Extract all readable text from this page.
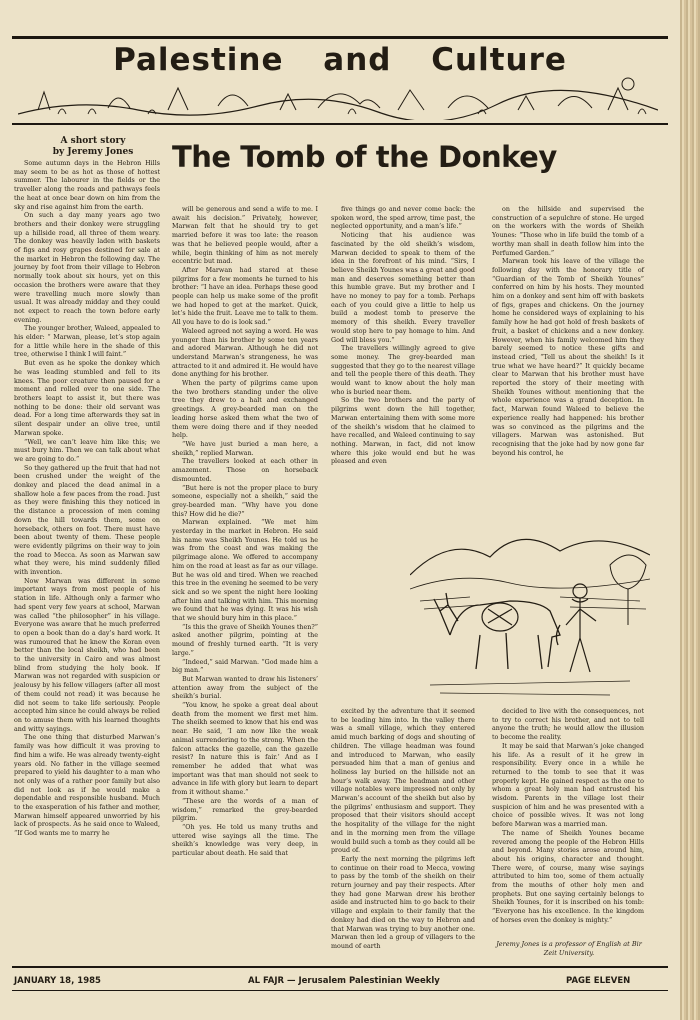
Palestine and Culture
A short story
by Jeremy Jones	The Tomb of the Donkey

Some autumn days in the Hebron Hills may seem to be as hot as those of hottest summer. The labourer in the fields or the traveller along the roads and pathways feels the heat at once bear down on him from the sky and rise against him from the earth.

On such a day many years ago two brothers and their donkey were struggling up a hillside road, all three of them weary. The donkey was heavily laden with baskets of figs and rosy grapes destined for sale at the market in Hebron the following day. The journey by foot from their village to Hebron normally took about six hours, yet on this occasion the brothers were aware that they were travelling much more slowly than usual. It was already midday and they could not expect to reach the town before early evening.

The younger brother, Waleed, appealed to his elder: “ Marwan, please, let’s stop again for a little while here in the shade of this tree, otherwise I think I will faint.”

But even as he spoke the donkey which he was leading stumbled and fell to its knees. The poor creature then paused for a moment and rolled over to one side. The brothers leapt to assist it, but there was nothing to be done: their old servant was dead. For a long time afterwards they sat in silent despair under an olive tree, until Marwan spoke.

“Well, we can’t leave him like this; we must bury him. Then we can talk about what we are going to do.”

So they gathered up the fruit that had not been crushed under the weight of the donkey and placed the dead animal in a shallow hole a few paces from the road. Just as they were finishing this they noticed in the distance a procession of men coming down the hill towards them, some on horseback, others on foot. There must have been about twenty of them. These people were evidently pilgrims on their way to join the road to Mecca. As soon as Marwan saw what they were, his mind suddenly filled with invention.

Now Marwan was different in some important ways from most people of his station in life. Although only a farmer who had spent very few years at school, Marwan was called “the philosopher” in his village. Everyone was aware that he much preferred to open a book than do a day’s hard work. It was rumoured that he knew the Koran even better than the local sheikh, who had been to the university in Cairo and was almost blind from studying the holy book. If Marwan was not regarded with suspicion or jealousy by his fellow villagers (after all most of them could not read) it was because he did not seem to take life seriously. People accepted him since he could always be relied on to amuse them with his learned thoughts and witty sayings.

The one thing that disturbed Marwan’s family was how difficult it was proving to find him a wife. He was already twenty-eight years old. No father in the village seemed prepared to yield his daughter to a man who not only was of a rather poor family but also did not look as if he would make a dependable and responsible husband. Much to the exasperation of his father and mother, Marwan himself appeared unworried by his lack of prospects. As he said once to Waleed, “If God wants me to marry he

will be generous and send a wife to me. I await his decision.” Privately, however, Marwan felt that he should try to get married before it was too late: the reason was that he believed people would, after a while, begin thinking of him as not merely eccentric but mad.

After Marwan had stared at these pilgrims for a few moments he turned to his brother: “I have an idea. Perhaps these good people can help us make some of the profit we had hoped to get at the market. Quick, let’s hide the fruit. Leave me to talk to them. All you have to do is look sad.”

Waleed agreed not saying a word. He was younger than his brother by some ten years and adored Marwan. Although he did not understand Marwan’s strangeness, he was attracted to it and admired it. He would have done anything for his brother.

When the party of pilgrims came upon the two brothers standing under the olive tree they drew to a halt and exchanged greetings. A grey-bearded man on the leading horse asked them what the two of them were doing there and if they needed help.

“We have just buried a man here, a sheikh,” replied Marwan.

The travellers looked at each other in amazement. Those on horseback dismounted.

“But here is not the proper place to bury someone, especially not a sheikh,” said the grey-bearded man. “Why have you done this? How did he die?”

Marwan explained. “We met him yesterday in the market in Hebron. He said his name was Sheikh Younes. He told us he was from the coast and was making the pilgrimage alone. We offered to accompany him on the road at least as far as our village. But he was old and tired. When we reached this tree in the evening he seemed to be very sick and so we spent the night here looking after him and talking with him. This morning we found that he was dying. It was his wish that we should bury him in this place.”

“Is this the grave of Sheikh Younes then?” asked another pilgrim, pointing at the mound of freshly turned earth. “It is very large.”

“Indeed,” said Marwan. “God made him a big man.”

But Marwan wanted to draw his listeners’ attention away from the subject of the sheikh’s burial.

“You know, he spoke a great deal about death from the moment we first met him. The sheikh seemed to know that his end was near. He said, ‘I am now like the weak animal surrendering to the strong. When the falcon attacks the gazelle, can the gazelle resist? In nature this is fair.’ And as I remember he added that what was important was that man should not seek to advance in life with glory but learn to depart from it without shame.”

“These are the words of a man of wisdom,” remarked the grey-bearded pilgrim.

“Oh yes. He told us many truths and uttered wise sayings all the time. The sheikh’s knowledge was very deep, in particular about death. He said that

five things go and never come back: the spoken word, the sped arrow, time past, the neglected opportunity, and a man’s life.”

Noticing that his audience was fascinated by the old sheikh’s wisdom, Marwan decided to speak to them of the idea in the forefront of his mind. “Sirs, I believe Sheikh Younes was a great and good man and deserves something better than this humble grave. But my brother and I have no money to pay for a tomb. Perhaps each of you could give a little to help us build a modest tomb to preserve the memory of this sheikh. Every traveller would stop here to pay homage to him. And God will bless you.”

The travellers willingly agreed to give some money. The grey-bearded man suggested that they go to the nearest village and tell the people there of this death. They would want to know about the holy man who is buried near them.

So the two brothers and the party of pilgrims went down the hill together, Marwan entertaining them with some more of the sheikh’s wisdom that he claimed to have recalled, and Waleed continuing to say nothing. Marwan, in fact, did not know where this joke would end but he was pleased and even

on the hillside and supervised the construction of a sepulchre of stone. He urged on the workers with the words of Sheikh Younes: “Those who in life build the tomb of a worthy man shall in death follow him into the Perfumed Garden.”

Marwan took his leave of the village the following day with the honorary title of “Guardian of the Tomb of Sheikh Younes” conferred on him by his hosts. They mounted him on a donkey and sent him off with baskets of figs, grapes and chickens. On the journey home he considered ways of explaining to his family how he had got hold of fresh baskets of fruit, a basket of chickens and a new donkey. However, when his family welcomed him they barely seemed to notice these gifts and instead cried, “Tell us about the sheikh! Is it true what we have heard?” It quickly became clear to Marwan that his brother must have reported the story of their meeting with Sheikh Younes without mentioning that the whole experience was a grand deception. In fact, Marwan found Waleed to believe the experience really had happened: his brother was so convinced as the pilgrims and the villagers. Marwan was astonished. But recognising that the joke had by now gone far beyond his control, he

excited by the adventure that it seemed to be leading him into. In the valley there was a small village, which they entered amid much barking of dogs and shouting of children. The village headman was found and introduced to Marwan, who easily persuaded him that a man of genius and holiness lay buried on the hillside not an hour’s walk away. The headman and other village notables were impressed not only by Marwan’s account of the sheikh but also by the pilgrims’ enthusiasm and support. They proposed that their visitors should accept the hospitality of the village for the night and in the morning men from the village would build such a tomb as they could all be proud of.

Early the next morning the pilgrims left to continue on their road to Mecca, vowing to pass by the tomb of the sheikh on their return journey and pay their respects. After they had gone Marwan drew his brother aside and instructed him to go back to their village and explain to their family that the donkey had died on the way to Hebron and that Marwan was trying to buy another one. Marwan then led a group of villagers to the mound of earth

decided to live with the consequences, not to try to correct his brother, and not to tell anyone the truth; he would allow the illusion to become the reality.

It may be said that Marwan’s joke changed his life. As a result of it he grew in responsibility. Every once in a while he returned to the tomb to see that it was properly kept. He gained respect as the one to whom a great holy man had entrusted his wisdom. Parents in the village lost their suspicion of him and he was presented with a choice of possible wives. It was not long before Marwan was a married man.

The name of Sheikh Younes became revered among the people of the Hebron Hills and beyond. Many stories arose around him, about his origins, character and thought. There were, of course, many wise sayings attributed to him too, some of them actually from the mouths of other holy men and prophets. But one saying certainly belongs to Sheikh Younes, for it is inscribed on his tomb: “Everyone has his excellence. In the kingdom of horses even the donkey is mighty.”

Jeremy Jones is a professor of English at Bir Zeit University.
JANUARY 18, 1985	AL FAJR — Jerusalem Palestinian Weekly	PAGE ELEVEN
